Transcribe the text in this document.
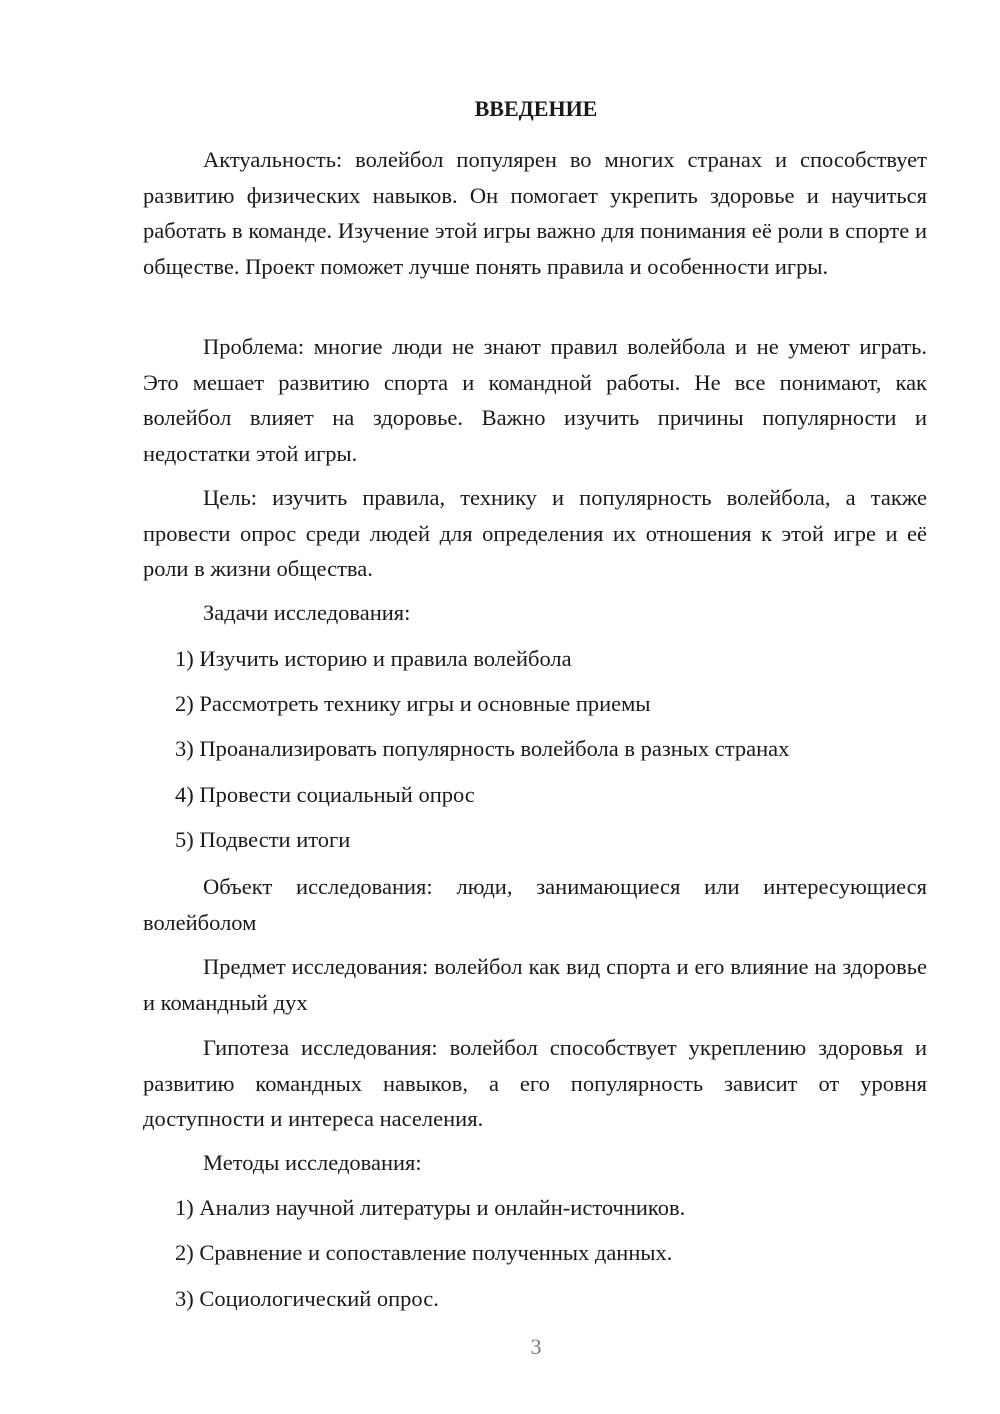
ВВЕДЕНИЕ

Актуальность: волейбол популярен во многих странах и способствует развитию физических навыков. Он помогает укрепить здоровье и научиться работать в команде. Изучение этой игры важно для понимания её роли в спорте и обществе. Проект поможет лучше понять правила и особенности игры.

Проблема: многие люди не знают правил волейбола и не умеют играть. Это мешает развитию спорта и командной работы. Не все понимают, как волейбол влияет на здоровье. Важно изучить причины популярности и недостатки этой игры.

Цель: изучить правила, технику и популярность волейбола, а также провести опрос среди людей для определения их отношения к этой игре и её роли в жизни общества.

Задачи исследования:
1) Изучить историю и правила волейбола
2) Рассмотреть технику игры и основные приемы
3) Проанализировать популярность волейбола в разных странах
4) Провести социальный опрос
5) Подвести итоги

Объект исследования: люди, занимающиеся или интересующиеся волейболом

Предмет исследования: волейбол как вид спорта и его влияние на здоровье и командный дух

Гипотеза исследования: волейбол способствует укреплению здоровья и развитию командных навыков, а его популярность зависит от уровня доступности и интереса населения.

Методы исследования:
1) Анализ научной литературы и онлайн-источников.
2) Сравнение и сопоставление полученных данных.
3) Социологический опрос.
3
